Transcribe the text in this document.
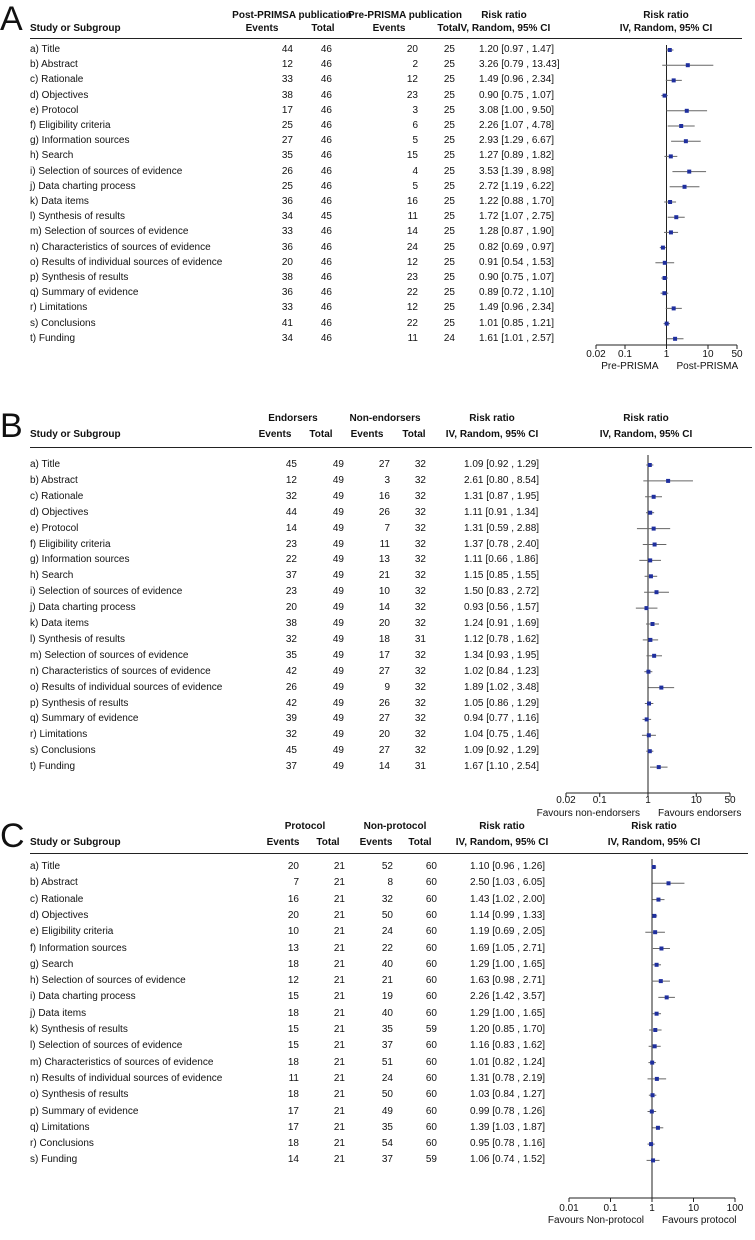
A	Post-PRIMSA publication
Pre-PRISMA publication Risk ratio	Risk ratio
Study or Subgroup	Events	Total	Events	Total
IV, Random, 95% CI	IV, Random, 95% CI
a) Title	44	46	20	25 1.20 [0.97 , 1.47]
b) Abstract	12	46	2	25 3.26 [0.79 , 13.43]
c) Rationale	33	46	12	25 1.49 [0.96 , 2.34]
d) Objectives	38	46	23	25 0.90 [0.75 , 1.07]
e) Protocol	17	46	3	25 3.08 [1.00 , 9.50]
f) Eligibility criteria	25	46	6	25 2.26 [1.07 , 4.78]
g) Information sources	27	46	5	25 2.93 [1.29 , 6.67]
h) Search	35	46	15	25 1.27 [0.89 , 1.82]
i) Selection of sources of evidence	26	46	4	25 3.53 [1.39 , 8.98]
j) Data charting process	25	46	5	25 2.72 [1.19 , 6.22]
k) Data items	36	46	16	25 1.22 [0.88 , 1.70]
l) Synthesis of results	34	45	11	25 1.72 [1.07 , 2.75]
m) Selection of sources of evidence	33	46	14	25 1.28 [0.87 , 1.90]
n) Characteristics of sources of evidence	36	46	24	25 0.82 [0.69 , 0.97]
o) Results of individual sources of evidence	20	46	12	25 0.91 [0.54 , 1.53]
p) Synthesis of results	38	46	23	25 0.90 [0.75 , 1.07]
q) Summary of evidence	36	46	22	25 0.89 [0.72 , 1.10]
r) Limitations	33	46	12	25 1.49 [0.96 , 2.34]
s) Conclusions	41	46	22	25 1.01 [0.85 , 1.21]
t) Funding	34	46	11	24 1.61 [1.01 , 2.57]
0.02 0.1	1	10 50
Pre-PRISMA Post-PRISMA
B	Endorsers	Non-endorsers	Risk ratio	Risk ratio
Study or Subgroup	Events Total Events Total IV, Random, 95% CI	IV, Random, 95% CI
a) Title	45	49	27 32	1.09 [0.92 , 1.29]
b) Abstract	12	49	3 32	2.61 [0.80 , 8.54]
c) Rationale	32	49	16 32	1.31 [0.87 , 1.95]
d) Objectives	44	49	26 32	1.11 [0.91 , 1.34]
e) Protocol	14	49	7 32	1.31 [0.59 , 2.88]
f) Eligibility criteria	23	49	11 32	1.37 [0.78 , 2.40]
g) Information sources	22	49	13 32	1.11 [0.66 , 1.86]
h) Search	37	49	21 32	1.15 [0.85 , 1.55]
i) Selection of sources of evidence	23	49	10 32	1.50 [0.83 , 2.72]
j) Data charting process	20	49	14 32	0.93 [0.56 , 1.57]
k) Data items	38	49	20 32	1.24 [0.91 , 1.69]
l) Synthesis of results	32	49	18 31	1.12 [0.78 , 1.62]
m) Selection of sources of evidence	35	49	17 32	1.34 [0.93 , 1.95]
n) Characteristics of sources of evidence	42	49	27 32	1.02 [0.84 , 1.23]
o) Results of individual sources of evidence	26	49	9 32	1.89 [1.02 , 3.48]
p) Synthesis of results	42	49	26 32	1.05 [0.86 , 1.29]
q) Summary of evidence	39	49	27 32	0.94 [0.77 , 1.16]
r) Limitations	32	49	20 32	1.04 [0.75 , 1.46]
s) Conclusions	45	49	27 32	1.09 [0.92 , 1.29]
t) Funding	37	49	14 31	1.67 [1.10 , 2.54]
0.02 0.1	1	10 50
Favours non-endorsers Favours endorsers
C	Protocol	Non-protocol	Risk ratio	Risk ratio
Study or Subgroup	Events Total Events Total IV, Random, 95% CI	IV, Random, 95% CI
a) Title	20	21	52	60	1.10 [0.96 , 1.26]
b) Abstract	7	21	8	60	2.50 [1.03 , 6.05]
c) Rationale	16	21	32	60	1.43 [1.02 , 2.00]
d) Objectives	20	21	50	60	1.14 [0.99 , 1.33]
e) Eligibility criteria	10	21	24	60	1.19 [0.69 , 2.05]
f) Information sources	13	21	22	60	1.69 [1.05 , 2.71]
g) Search	18	21	40	60	1.29 [1.00 , 1.65]
h) Selection of sources of evidence	12	21	21	60	1.63 [0.98 , 2.71]
i) Data charting process	15	21	19	60	2.26 [1.42 , 3.57]
j) Data items	18	21	40	60	1.29 [1.00 , 1.65]
k) Synthesis of results	15	21	35	59	1.20 [0.85 , 1.70]
l) Selection of sources of evidence	15	21	37	60	1.16 [0.83 , 1.62]
m) Characteristics of sources of evidence	18	21	51	60	1.01 [0.82 , 1.24]
n) Results of individual sources of evidence	11	21	24	60	1.31 [0.78 , 2.19]
o) Synthesis of results	18	21	50	60	1.03 [0.84 , 1.27]
p) Summary of evidence	17	21	49	60	0.99 [0.78 , 1.26]
q) Limitations	17	21	35	60	1.39 [1.03 , 1.87]
r) Conclusions	18	21	54	60	0.95 [0.78 , 1.16]
s) Funding	14	21	37	59	1.06 [0.74 , 1.52]
0.01 0.1	1	10	100
Favours Non-protocol Favours protocol
